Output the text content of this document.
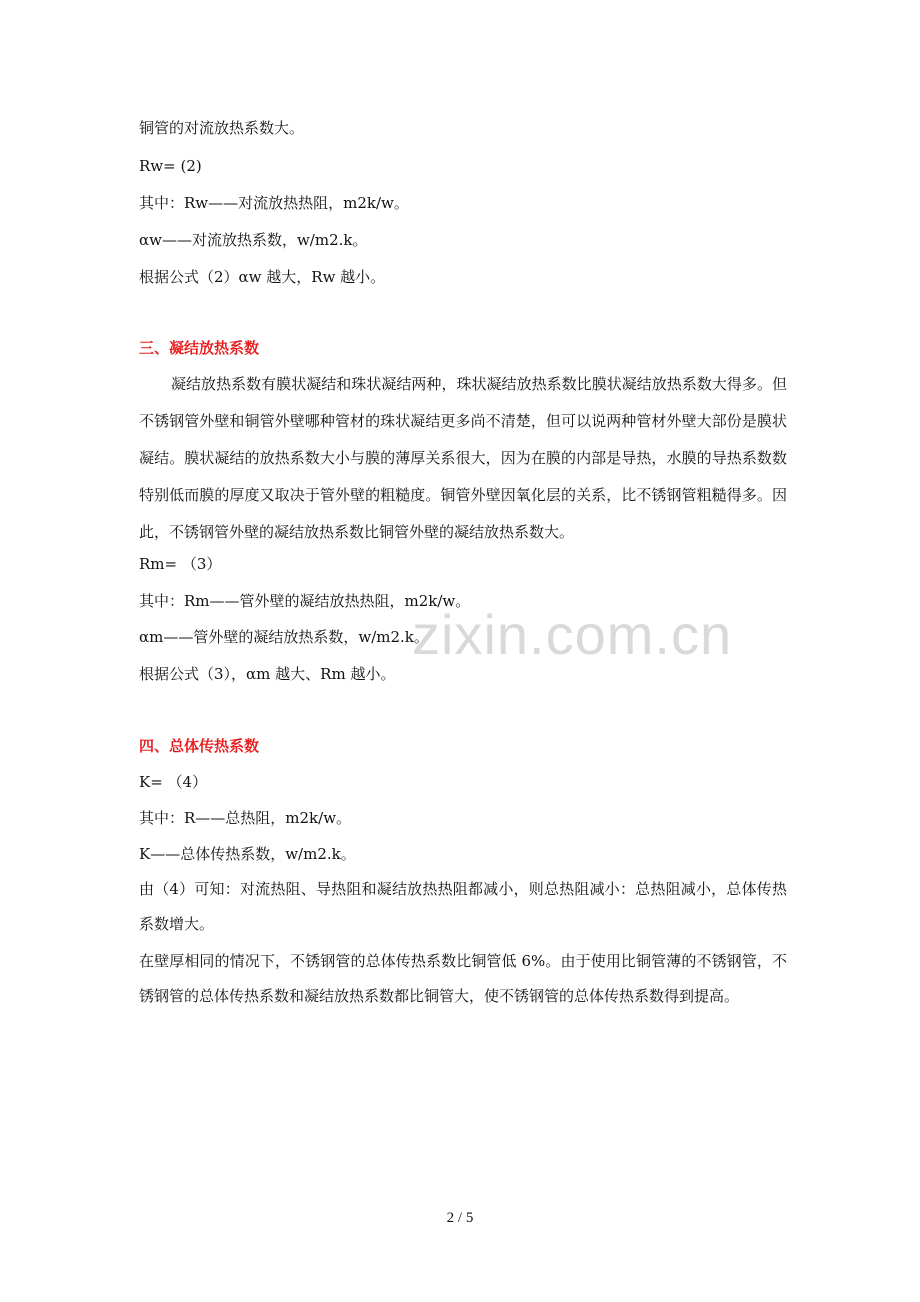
铜管的对流放热系数大。
Rw= (2)
其中：Rw——对流放热热阻，m2k/w。
αw——对流放热系数，w/m2.k。
根据公式（2）αw 越大，Rw 越小。
三、凝结放热系数
凝结放热系数有膜状凝结和珠状凝结两种，珠状凝结放热系数比膜状凝结放热系数大得多。但不锈钢管外壁和铜管外壁哪种管材的珠状凝结更多尚不清楚，但可以说两种管材外壁大部份是膜状凝结。膜状凝结的放热系数大小与膜的薄厚关系很大，因为在膜的内部是导热，水膜的导热系数数特别低而膜的厚度又取决于管外壁的粗糙度。铜管外壁因氧化层的关系，比不锈钢管粗糙得多。因此，不锈钢管外壁的凝结放热系数比铜管外壁的凝结放热系数大。
Rm= （3）
其中：Rm——管外壁的凝结放热热阻，m2k/w。
αm——管外壁的凝结放热系数，w/m2.k。
根据公式（3），αm 越大、Rm 越小。
四、总体传热系数
K= （4）
其中：R——总热阻，m2k/w。
K——总体传热系数，w/m2.k。
由（4）可知：对流热阻、导热阻和凝结放热热阻都减小，则总热阻减小：总热阻减小，总体传热系数增大。
在壁厚相同的情况下，不锈钢管的总体传热系数比铜管低 6%。由于使用比铜管薄的不锈钢管，不锈钢管的总体传热系数和凝结放热系数都比铜管大，使不锈钢管的总体传热系数得到提高。
zixin.com.cn
2 / 5
